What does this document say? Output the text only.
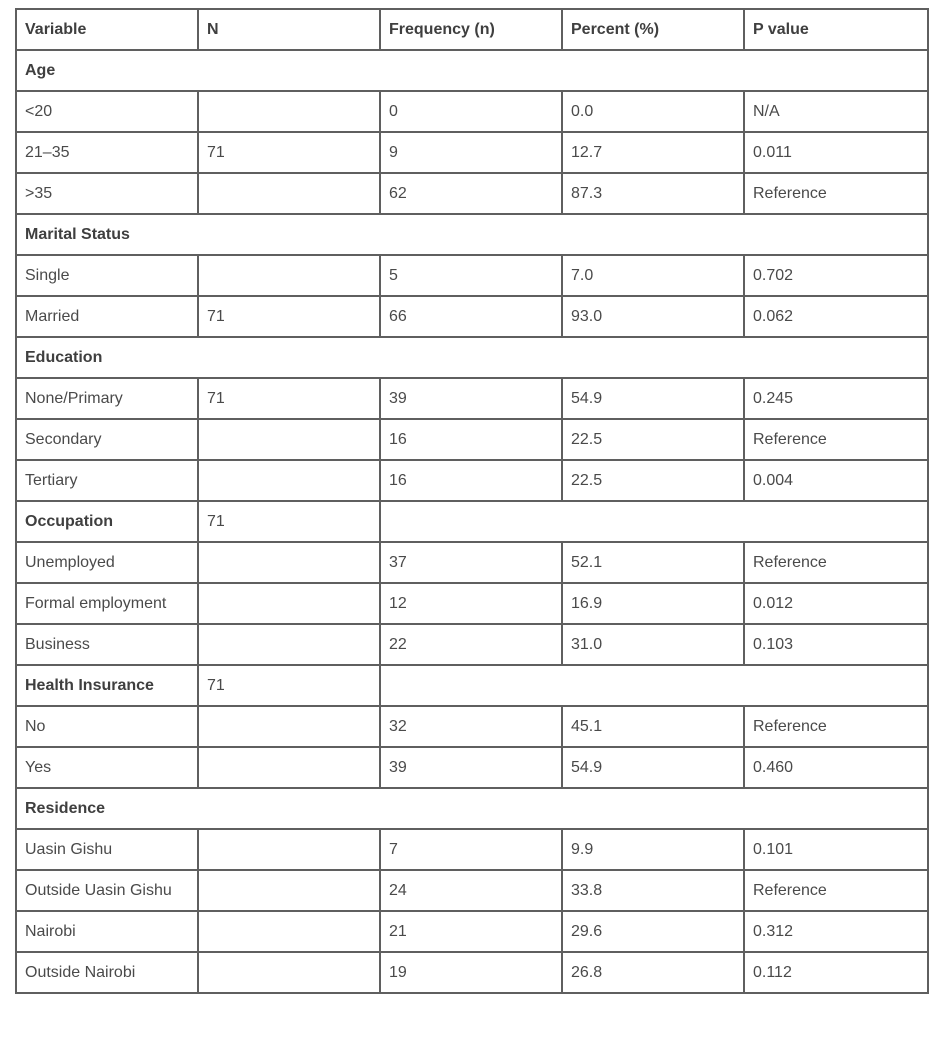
Variable	N	Frequency (n)	Percent (%)	P value
Age				
<20		0	0.0	N/A
21–35	71	9	12.7	0.011
>35		62	87.3	Reference
Marital Status				
Single		5	7.0	0.702
Married	71	66	93.0	0.062
Education				
None/Primary	71	39	54.9	0.245
Secondary		16	22.5	Reference
Tertiary		16	22.5	0.004
Occupation	71			
Unemployed		37	52.1	Reference
Formal employment		12	16.9	0.012
Business		22	31.0	0.103
Health Insurance	71			
No		32	45.1	Reference
Yes		39	54.9	0.460
Residence				
Uasin Gishu		7	9.9	0.101
Outside Uasin Gishu		24	33.8	Reference
Nairobi		21	29.6	0.312
Outside Nairobi		19	26.8	0.112
